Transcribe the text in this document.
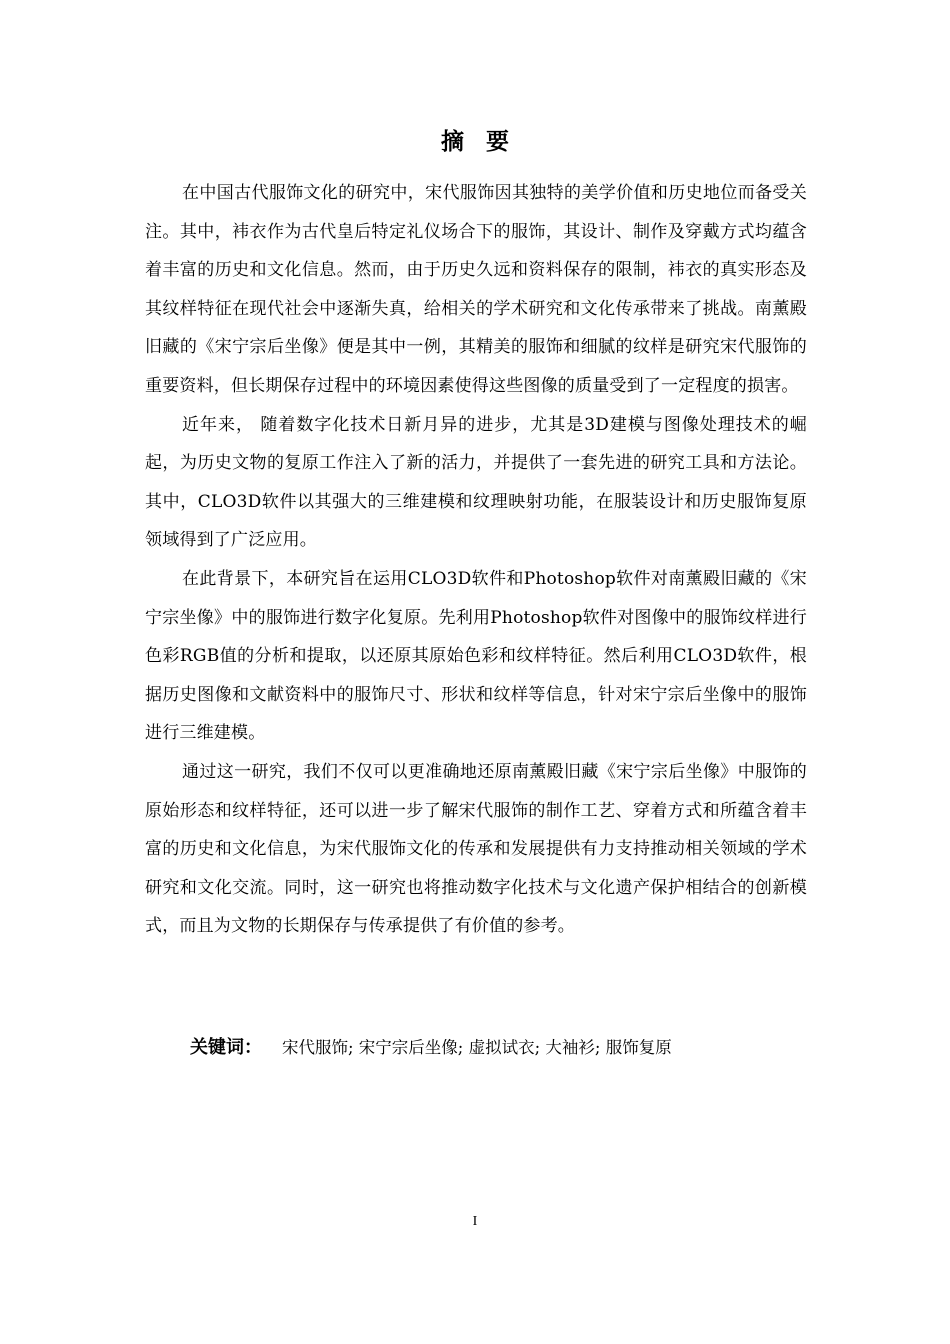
摘要

在中国古代服饰文化的研究中，宋代服饰因其独特的美学价值和历史地位而备受关注。其中，袆衣作为古代皇后特定礼仪场合下的服饰，其设计、制作及穿戴方式均蕴含着丰富的历史和文化信息。然而，由于历史久远和资料保存的限制，袆衣的真实形态及其纹样特征在现代社会中逐渐失真，给相关的学术研究和文化传承带来了挑战。南薰殿旧藏的《宋宁宗后坐像》便是其中一例，其精美的服饰和细腻的纹样是研究宋代服饰的重要资料，但长期保存过程中的环境因素使得这些图像的质量受到了一定程度的损害。

近年来， 随着数字化技术日新月异的进步，尤其是3D建模与图像处理技术的崛起，为历史文物的复原工作注入了新的活力，并提供了一套先进的研究工具和方法论。其中，CLO3D软件以其强大的三维建模和纹理映射功能，在服装设计和历史服饰复原领域得到了广泛应用。

在此背景下，本研究旨在运用CLO3D软件和Photoshop软件对南薰殿旧藏的《宋宁宗坐像》中的服饰进行数字化复原。先利用Photoshop软件对图像中的服饰纹样进行色彩RGB值的分析和提取，以还原其原始色彩和纹样特征。然后利用CLO3D软件，根据历史图像和文献资料中的服饰尺寸、形状和纹样等信息，针对宋宁宗后坐像中的服饰进行三维建模。

通过这一研究，我们不仅可以更准确地还原南薰殿旧藏《宋宁宗后坐像》中服饰的原始形态和纹样特征，还可以进一步了解宋代服饰的制作工艺、穿着方式和所蕴含着丰富的历史和文化信息，为宋代服饰文化的传承和发展提供有力支持推动相关领域的学术研究和文化交流。同时，这一研究也将推动数字化技术与文化遗产保护相结合的创新模式，而且为文物的长期保存与传承提供了有价值的参考。

关键词： 宋代服饰; 宋宁宗后坐像; 虚拟试衣; 大袖衫; 服饰复原
I
